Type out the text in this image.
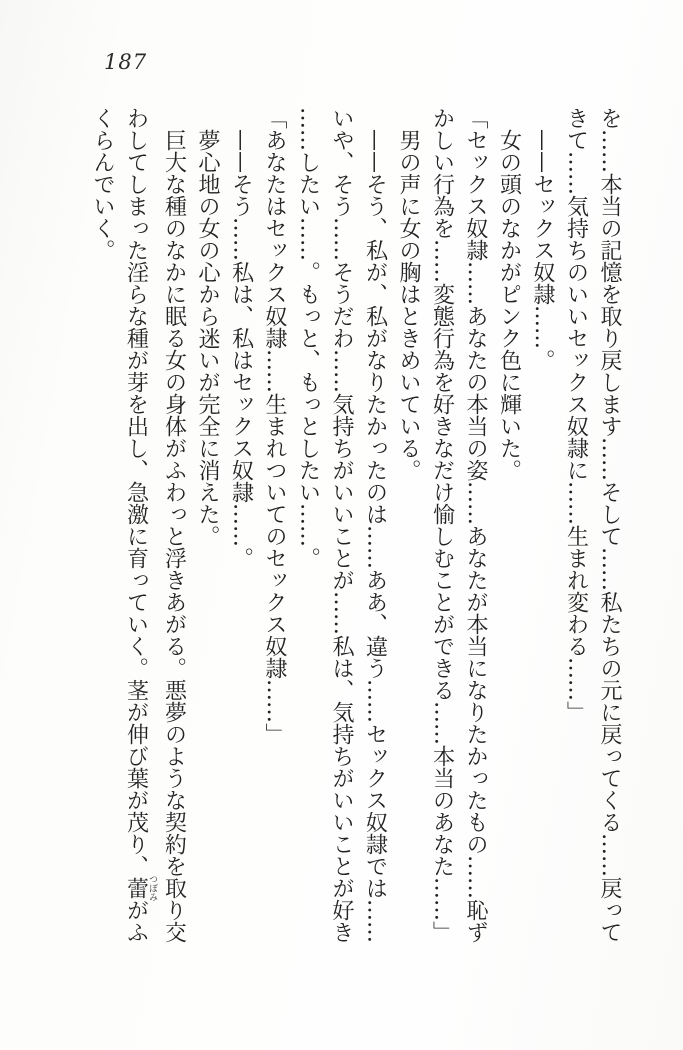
187
を……本当の記憶を取り戻します……そして……私たちの元に戻ってくる……戻って
きて……気持ちのいいセックス奴隷に……生まれ変わる……」
——セックス奴隷……。
女の頭のなかがピンク色に輝いた。
「セックス奴隷……あなたの本当の姿……あなたが本当になりたかったもの……恥ず
かしい行為を……変態行為を好きなだけ愉しむことができる……本当のあなた……」
男の声に女の胸はときめいている。
——そう、私が、私がなりたかったのは……ああ、違う……セックス奴隷では……
いや、そう……そうだわ……気持ちがいいことが……私は、気持ちがいいことが好き
……したい……。もっと、もっとしたい……。
「あなたはセックス奴隷……生まれついてのセックス奴隷……」
——そう……私は、私はセックス奴隷……。
夢心地の女の心から迷いが完全に消えた。
巨大な種のなかに眠る女の身体がふわっと浮きあがる。悪夢のような契約を取り交
わしてしまった淫らな種が芽を出し、急激に育っていく。茎が伸び葉が茂り、蕾つぼみがふ
くらんでいく。
